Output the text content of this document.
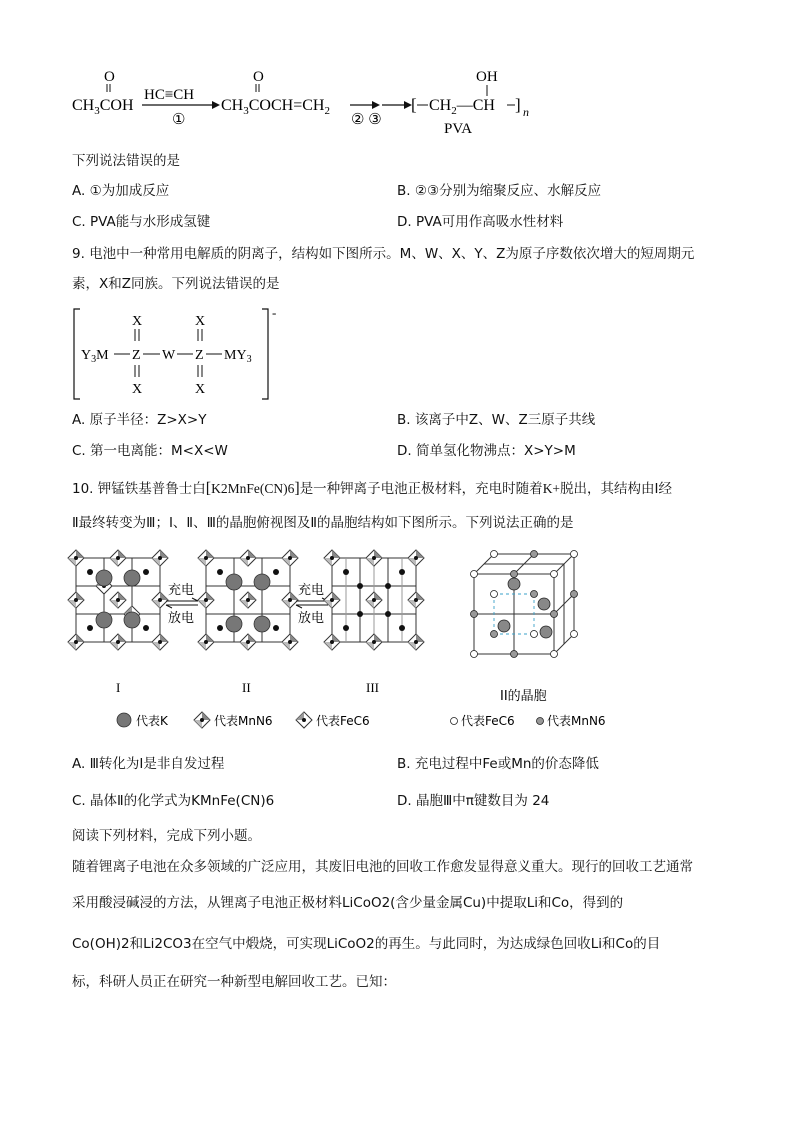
O
$CH_3COH$
HC≡CH
①
O
$CH_3COCH=CH_2$
② ③
[ $CH_2—CH$ ] n
OH
PVA
下列说法错误的是
A. ①为加成反应	B. ②③分别为缩聚反应、水解反应
C. PVA能与水形成氢键	D. PVA可用作高吸水性材料
9. 电池中一种常用电解质的阴离子，结构如下图所示。M、W、X、Y、Z为原子序数依次增大的短周期元
素，X和Z同族。下列说法错误的是
-
X	X
$Y_3M$ Z W Z $MY_3$
X	X
A. 原子半径：Z>X>Y	B. 该离子中Z、W、Z三原子共线
C. 第一电离能：M<X<W	D. 简单氢化物沸点：X>Y>M
10. 钾锰铁基普鲁士白[K2MnFe(CN)6]是一种钾离子电池正极材料，充电时随着K+脱出，其结构由Ⅰ经
Ⅱ最终转变为Ⅲ；Ⅰ、Ⅱ、Ⅲ的晶胞俯视图及Ⅱ的晶胞结构如下图所示。下列说法正确的是
充电
放电
充电
放电
I	II	III
II的晶胞
代表K	代表MnN6	代表FeC6	代表FeC6	代表MnN6
A. Ⅲ转化为Ⅰ是非自发过程	B. 充电过程中Fe或Mn的价态降低
C. 晶体Ⅱ的化学式为KMnFe(CN)6	D. 晶胞Ⅲ中π键数目为 24
阅读下列材料，完成下列小题。
随着锂离子电池在众多领域的广泛应用，其废旧电池的回收工作愈发显得意义重大。现行的回收工艺通常
采用酸浸碱浸的方法，从锂离子电池正极材料LiCoO2(含少量金属Cu)中提取Li和Co，得到的
Co(OH)2和Li2CO3在空气中煅烧，可实现LiCoO2的再生。与此同时，为达成绿色回收Li和Co的目
标，科研人员正在研究一种新型电解回收工艺。已知：
